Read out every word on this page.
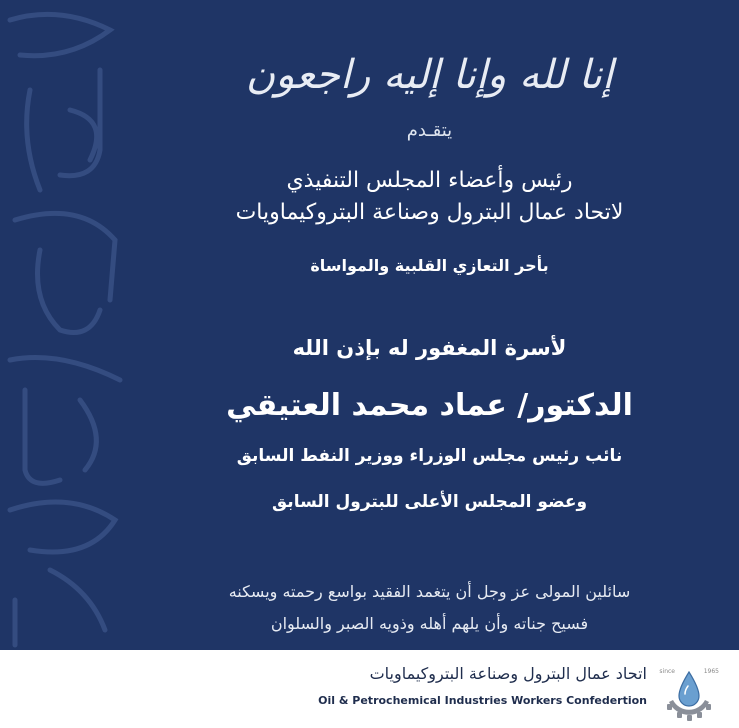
إنا لله وإنا إليه راجعون
يتقـدم
رئيس وأعضاء المجلس التنفيذي
لاتحاد عمال البترول وصناعة البتروكيماويات
بأحر التعازي القلبية والمواساة
لأسرة المغفور له بإذن الله
الدكتور/ عماد محمد العتيقي
نائب رئيس مجلس الوزراء ووزير النفط السابق
وعضو المجلس الأعلى للبترول السابق
سائلين المولى عز وجل أن يتغمد الفقيد بواسع رحمته ويسكنه
فسيح جناته وأن يلهم أهله وذويه الصبر والسلوان
اتحاد عمال البترول وصناعة البتروكيماويات
Oil & Petrochemical Industries Workers Confedertion
since	1965
